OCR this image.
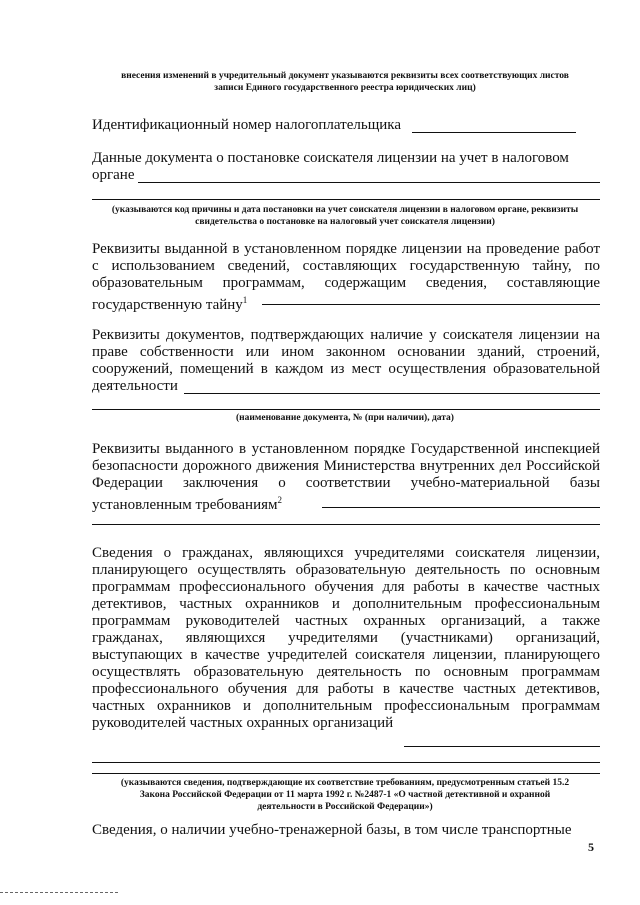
внесения изменений в учредительный документ указываются реквизиты всех соответствующих листов
записи Единого государственного реестра юридических лиц)
Идентификационный номер налогоплательщика
Данные документа о постановке соискателя лицензии на учет в налоговом
органе
(указываются код причины и дата постановки на учет соискателя лицензии в налоговом органе, реквизиты
свидетельства о постановке на налоговый учет соискателя лицензии)
Реквизиты выданной в установленном порядке лицензии на проведение работ с использованием сведений, составляющих государственную тайну, по образовательным программам, содержащим сведения, составляющие государственную тайну$^1$
Реквизиты документов, подтверждающих наличие у соискателя лицензии на праве собственности или ином законном основании зданий, строений, сооружений, помещений в каждом из мест осуществления образовательной деятельности
(наименование документа, № (при наличии), дата)
Реквизиты выданного в установленном порядке Государственной инспекцией безопасности дорожного движения Министерства внутренних дел Российской Федерации заключения о соответствии учебно-материальной базы установленным требованиям$^2$
Сведения о гражданах, являющихся учредителями соискателя лицензии, планирующего осуществлять образовательную деятельность по основным программам профессионального обучения для работы в качестве частных детективов, частных охранников и дополнительным профессиональным программам руководителей частных охранных организаций, а также гражданах, являющихся учредителями (участниками) организаций, выступающих в качестве учредителей соискателя лицензии, планирующего осуществлять образовательную деятельность по основным программам профессионального обучения для работы в качестве частных детективов, частных охранников и дополнительным профессиональным программам руководителей частных охранных организаций
(указываются сведения, подтверждающие их соответствие требованиям, предусмотренным статьей 15.2
Закона Российской Федерации от 11 марта 1992 г. №2487-1 «О частной детективной и охранной
деятельности в Российской Федерации»)
Сведения, о наличии учебно-тренажерной базы, в том числе транспортные
5
